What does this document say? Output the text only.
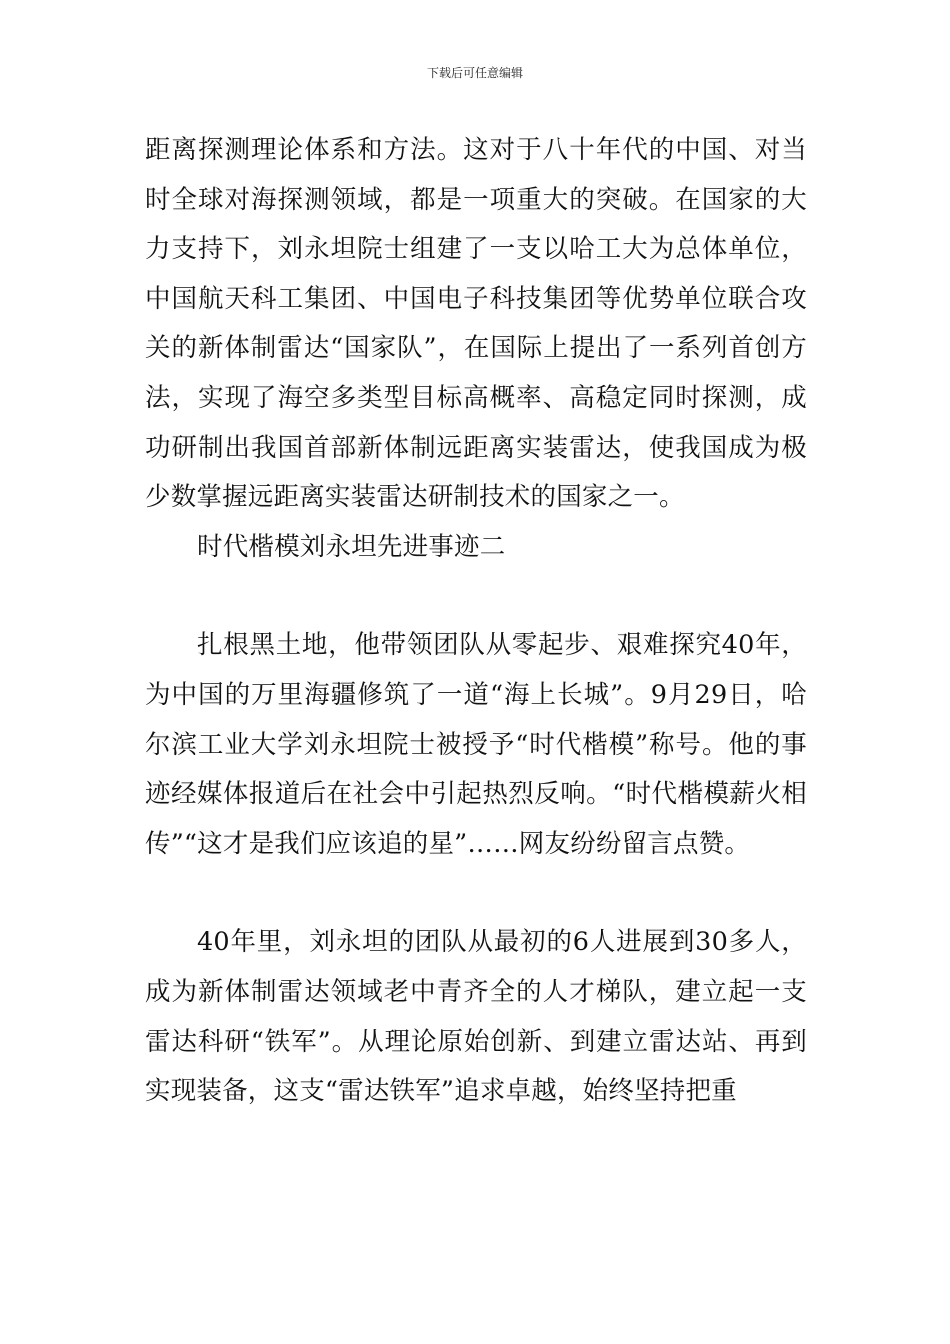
下载后可任意编辑

距离探测理论体系和方法。这对于八十年代的中国、对当时全球对海探测领域，都是一项重大的突破。在国家的大力支持下，刘永坦院士组建了一支以哈工大为总体单位，中国航天科工集团、中国电子科技集团等优势单位联合攻关的新体制雷达“国家队”，在国际上提出了一系列首创方法，实现了海空多类型目标高概率、高稳定同时探测，成功研制出我国首部新体制远距离实装雷达，使我国成为极少数掌握远距离实装雷达研制技术的国家之一。

时代楷模刘永坦先进事迹二

扎根黑土地，他带领团队从零起步、艰难探究40年，为中国的万里海疆修筑了一道“海上长城”。9月29日，哈尔滨工业大学刘永坦院士被授予“时代楷模”称号。他的事迹经媒体报道后在社会中引起热烈反响。“时代楷模薪火相传”“这才是我们应该追的星”……网友纷纷留言点赞。

40年里，刘永坦的团队从最初的6人进展到30多人，成为新体制雷达领域老中青齐全的人才梯队，建立起一支雷达科研“铁军”。从理论原始创新、到建立雷达站、再到实现装备，这支“雷达铁军”追求卓越，始终坚持把重
